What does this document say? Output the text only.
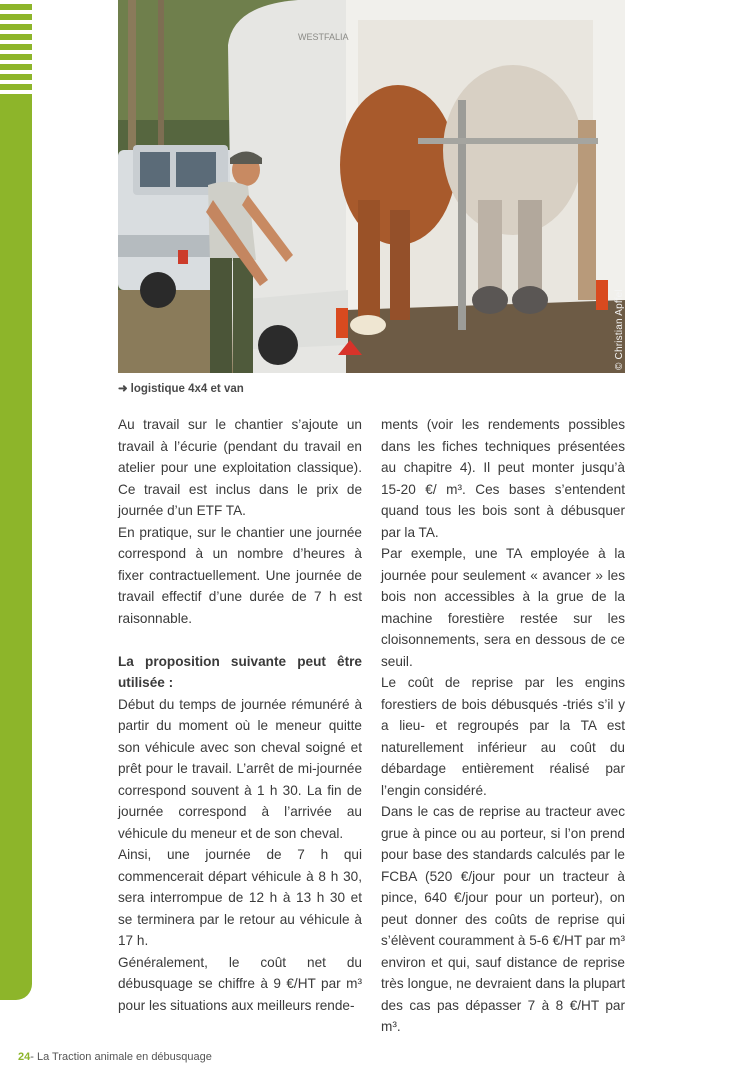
WESTFALIA
© Christian Apffel
➜ logistique 4x4 et van

Au travail sur le chantier s’ajoute un travail à l’écurie (pendant du travail en atelier pour une exploitation classique). Ce travail est inclus dans le prix de journée d’un ETF TA.

En pratique, sur le chantier une journée correspond à un nombre d’heures à fixer contractuellement. Une journée de travail effectif d’une durée de 7 h est raisonnable.

La proposition suivante peut être utilisée :

Début du temps de journée rémunéré à partir du moment où le meneur quitte son véhicule avec son cheval soigné et prêt pour le travail. L’arrêt de mi-journée correspond souvent à 1 h 30. La fin de journée correspond à l’arrivée au véhicule du meneur et de son cheval.

Ainsi, une journée de 7 h qui commencerait départ véhicule à 8 h 30, sera interrompue de 12 h à 13 h 30 et se terminera par le retour au véhicule à 17 h.

Généralement, le coût net du débusquage se chiffre à 9 €/HT par m³ pour les situations aux meilleurs rende-

ments (voir les rendements possibles dans les fiches techniques présentées au chapitre 4). Il peut monter jusqu’à 15-20 €/ m³. Ces bases s’entendent quand tous les bois sont à débusquer par la TA.

Par exemple, une TA employée à la journée pour seulement « avancer » les bois non accessibles à la grue de la machine forestière restée sur les cloisonnements, sera en dessous de ce seuil.

Le coût de reprise par les engins forestiers de bois débusqués -triés s’il y a lieu- et regroupés par la TA est naturellement inférieur au coût du débardage entièrement réalisé par l’engin considéré.

Dans le cas de reprise au tracteur avec grue à pince ou au porteur, si l’on prend pour base des standards calculés par le FCBA (520 €/jour pour un tracteur à pince, 640 €/jour pour un porteur), on peut donner des coûts de reprise qui s’élèvent couramment à 5-6 €/HT par m³ environ et qui, sauf distance de reprise très longue, ne devraient dans la plupart des cas pas dépasser 7 à 8 €/HT par m³.

24- La Traction animale en débusquage
